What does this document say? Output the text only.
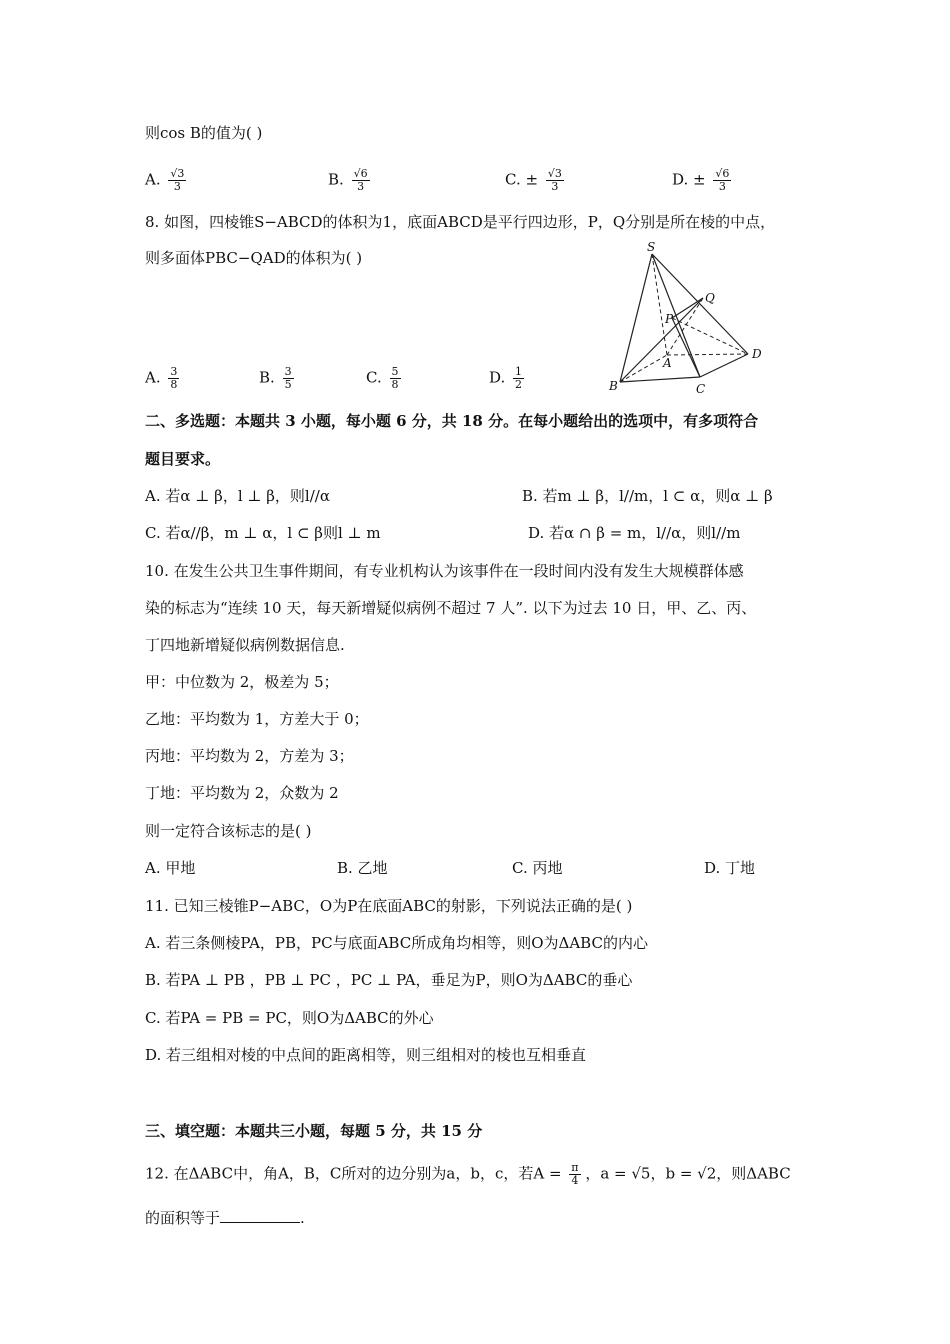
则cos B的值为( )
A. $\frac{√3}{3}$	B. $\frac{√6}{3}$	C. ± $\frac{√3}{3}$	D. ± $\frac{√6}{3}$
8. 如图，四棱锥S−ABCD的体积为1，底面ABCD是平行四边形，P，Q分别是所在棱的中点，
则多面体PBC−QAD的体积为( )
A. $\frac{3}{8}$	B. $\frac{3}{5}$	C. $\frac{5}{8}$	D. $\frac{1}{2}$
S
Q
P
A
D
B	C
二、多选题：本题共 3 小题，每小题 6 分，共 18 分。在每小题给出的选项中，有多项符合
题目要求。
A. 若α ⊥ β，l ⊥ β，则l//α	B. 若m ⊥ β，l//m，l ⊂ α，则α ⊥ β
C. 若α//β，m ⊥ α，l ⊂ β则l ⊥ m	D. 若α ∩ β = m，l//α，则l//m
10. 在发生公共卫生事件期间，有专业机构认为该事件在一段时间内没有发生大规模群体感
染的标志为“连续 10 天，每天新增疑似病例不超过 7 人”. 以下为过去 10 日，甲、乙、丙、
丁四地新增疑似病例数据信息.
甲：中位数为 2，极差为 5；
乙地：平均数为 1，方差大于 0；
丙地：平均数为 2，方差为 3；
丁地：平均数为 2，众数为 2
则一定符合该标志的是( )
A. 甲地	B. 乙地	C. 丙地	D. 丁地
11. 已知三棱锥P−ABC，O为P在底面ABC的射影，下列说法正确的是( )
A. 若三条侧棱PA，PB，PC与底面ABC所成角均相等，则O为ΔABC的内心
B. 若PA ⊥ PB ，PB ⊥ PC ，PC ⊥ PA，垂足为P，则O为ΔABC的垂心
C. 若PA = PB = PC，则O为ΔABC的外心
D. 若三组相对棱的中点间的距离相等，则三组相对的棱也互相垂直
三、填空题：本题共三小题，每题 5 分，共 15 分
12. 在ΔABC中，角A，B，C所对的边分别为a，b，c，若$A = \frac{\pi}{4}$ ，a = √5，b = √2，则ΔABC
的面积等于	.
